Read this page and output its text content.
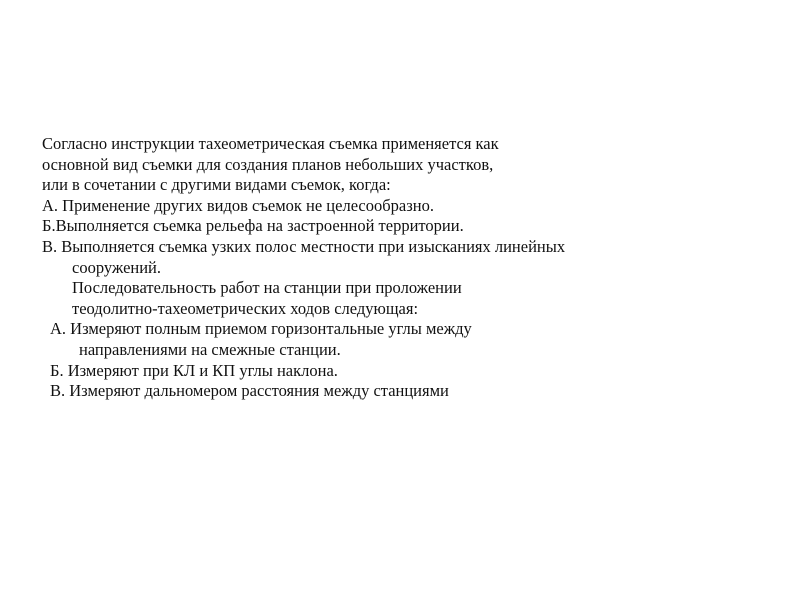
Согласно инструкции тахеометрическая съемка применяется как
основной вид съемки для создания планов небольших участков,
или в сочетании с другими видами съемок, когда:
А. Применение других видов съемок не целесообразно.
Б.Выполняется съемка рельефа на застроенной территории.
В. Выполняется съемка узких полос местности при изысканиях линейных
сооружений.
Последовательность работ на станции при проложении
теодолитно-тахеометрических ходов следующая:
А. Измеряют полным приемом горизонтальные углы между
направлениями на смежные станции.
Б. Измеряют при КЛ и КП углы наклона.
В. Измеряют дальномером расстояния между станциями
